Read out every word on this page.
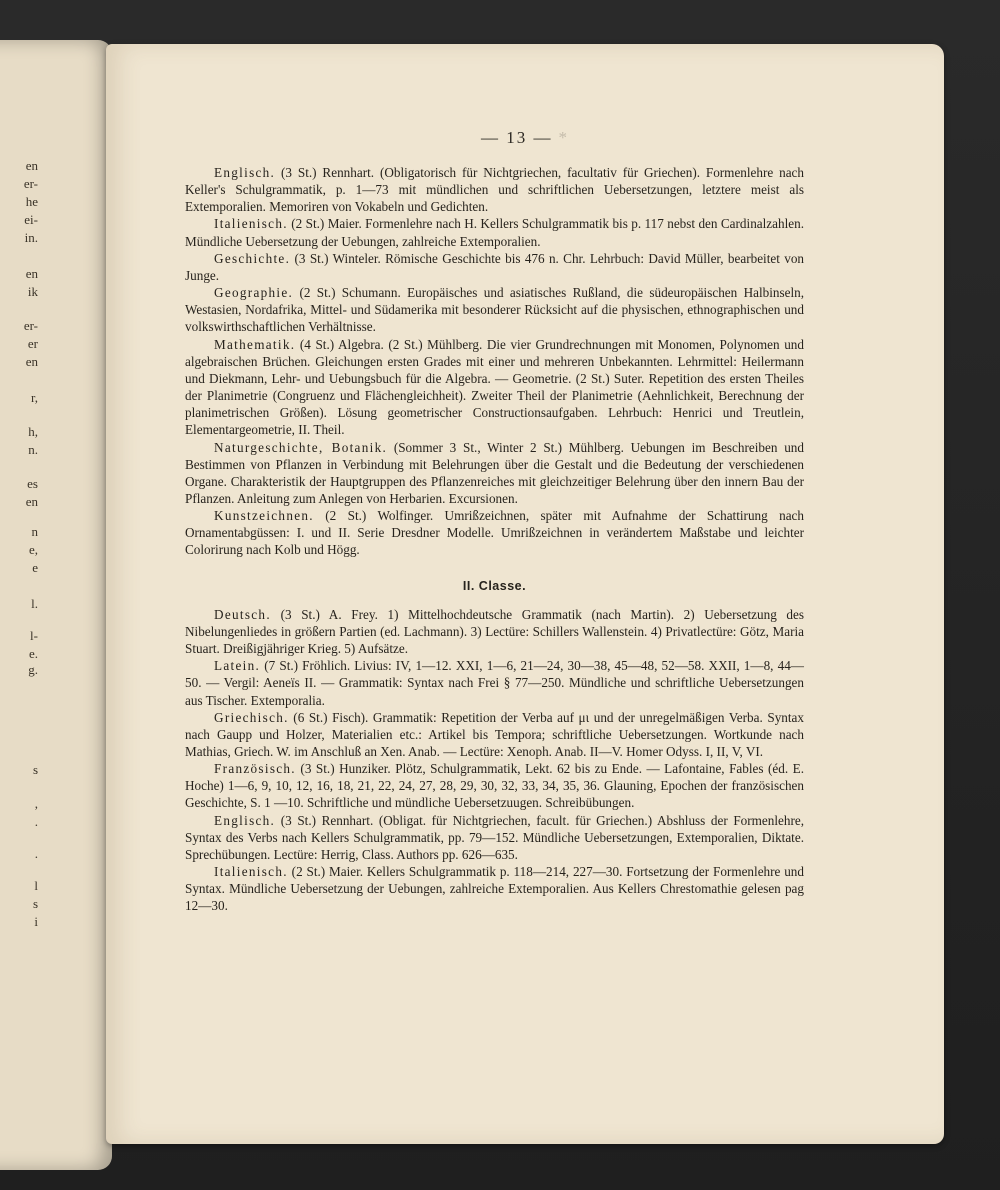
en
er-
he
ei-
in.
en
ik
er-
er
en
r,
h,
n.
es
en
n
e,
e
l.
l-
e.
g.
s
,
.
.
l
s
i
— 13 — *

Englisch. (3 St.) Rennhart. (Obligatorisch für Nichtgriechen, facultativ für Griechen). Formenlehre nach Keller's Schulgrammatik, p. 1—73 mit mündlichen und schriftlichen Uebersetzungen, letztere meist als Extemporalien. Memoriren von Vokabeln und Gedichten.

Italienisch. (2 St.) Maier. Formenlehre nach H. Kellers Schulgrammatik bis p. 117 nebst den Cardinalzahlen. Mündliche Uebersetzung der Uebungen, zahlreiche Extemporalien.

Geschichte. (3 St.) Winteler. Römische Geschichte bis 476 n. Chr. Lehrbuch: David Müller, bearbeitet von Junge.

Geographie. (2 St.) Schumann. Europäisches und asiatisches Rußland, die südeuropäischen Halbinseln, Westasien, Nordafrika, Mittel- und Südamerika mit besonderer Rücksicht auf die physischen, ethnographischen und volkswirthschaftlichen Verhältnisse.

Mathematik. (4 St.) Algebra. (2 St.) Mühlberg. Die vier Grundrechnungen mit Monomen, Polynomen und algebraischen Brüchen. Gleichungen ersten Grades mit einer und mehreren Unbekannten. Lehrmittel: Heilermann und Diekmann, Lehr- und Uebungsbuch für die Algebra. — Geometrie. (2 St.) Suter. Repetition des ersten Theiles der Planimetrie (Congruenz und Flächengleichheit). Zweiter Theil der Planimetrie (Aehnlichkeit, Berechnung der planimetrischen Größen). Lösung geometrischer Constructionsaufgaben. Lehrbuch: Henrici und Treutlein, Elementargeometrie, II. Theil.

Naturgeschichte, Botanik. (Sommer 3 St., Winter 2 St.) Mühlberg. Uebungen im Beschreiben und Bestimmen von Pflanzen in Verbindung mit Belehrungen über die Gestalt und die Bedeutung der verschiedenen Organe. Charakteristik der Hauptgruppen des Pflanzenreiches mit gleichzeitiger Belehrung über den innern Bau der Pflanzen. Anleitung zum Anlegen von Herbarien. Excursionen.

Kunstzeichnen. (2 St.) Wolfinger. Umrißzeichnen, später mit Aufnahme der Schattirung nach Ornamentabgüssen: I. und II. Serie Dresdner Modelle. Umrißzeichnen in verändertem Maßstabe und leichter Colorirung nach Kolb und Högg.

II. Classe.

Deutsch. (3 St.) A. Frey. 1) Mittelhochdeutsche Grammatik (nach Martin). 2) Uebersetzung des Nibelungenliedes in größern Partien (ed. Lachmann). 3) Lectüre: Schillers Wallenstein. 4) Privatlectüre: Götz, Maria Stuart. Dreißigjähriger Krieg. 5) Aufsätze.

Latein. (7 St.) Fröhlich. Livius: IV, 1—12. XXI, 1—6, 21—24, 30—38, 45—48, 52—58. XXII, 1—8, 44—50. — Vergil: Aeneïs II. — Grammatik: Syntax nach Frei § 77—250. Mündliche und schriftliche Uebersetzungen aus Tischer. Extemporalia.

Griechisch. (6 St.) Fisch). Grammatik: Repetition der Verba auf μι und der unregelmäßigen Verba. Syntax nach Gaupp und Holzer, Materialien etc.: Artikel bis Tempora; schriftliche Uebersetzungen. Wortkunde nach Mathias, Griech. W. im Anschluß an Xen. Anab. — Lectüre: Xenoph. Anab. II—V. Homer Odyss. I, II, V, VI.

Französisch. (3 St.) Hunziker. Plötz, Schulgrammatik, Lekt. 62 bis zu Ende. — Lafontaine, Fables (éd. E. Hoche) 1—6, 9, 10, 12, 16, 18, 21, 22, 24, 27, 28, 29, 30, 32, 33, 34, 35, 36. Glauning, Epochen der französischen Geschichte, S. 1 —10. Schriftliche und mündliche Uebersetzuugen. Schreibübungen.

Englisch. (3 St.) Rennhart. (Obligat. für Nichtgriechen, facult. für Griechen.) Abshluss der Formenlehre, Syntax des Verbs nach Kellers Schulgrammatik, pp. 79—152. Mündliche Uebersetzungen, Extemporalien, Diktate. Sprechübungen. Lectüre: Herrig, Class. Authors pp. 626—635.

Italienisch. (2 St.) Maier. Kellers Schulgrammatik p. 118—214, 227—30. Fortsetzung der Formenlehre und Syntax. Mündliche Uebersetzung der Uebungen, zahlreiche Extemporalien. Aus Kellers Chrestomathie gelesen pag 12—30.
